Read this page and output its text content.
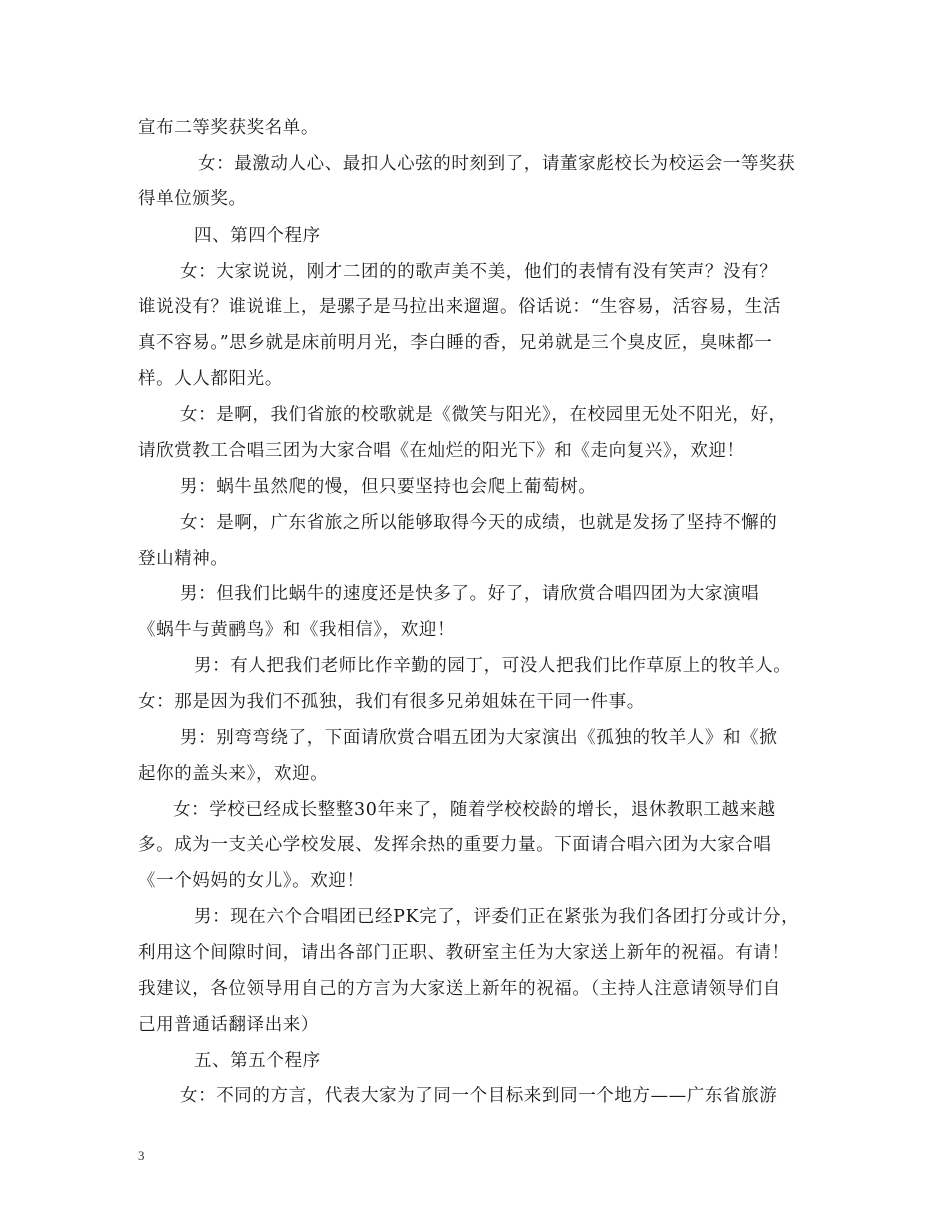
宣布二等奖获奖名单。
女：最激动人心、最扣人心弦的时刻到了，请董家彪校长为校运会一等奖获
得单位颁奖。
四、第四个程序
女：大家说说，刚才二团的的歌声美不美，他们的表情有没有笑声？没有？
谁说没有？谁说谁上，是骡子是马拉出来遛遛。俗话说：“生容易，活容易，生活
真不容易。”思乡就是床前明月光，李白睡的香，兄弟就是三个臭皮匠，臭味都一
样。人人都阳光。
女：是啊，我们省旅的校歌就是《微笑与阳光》，在校园里无处不阳光，好，
请欣赏教工合唱三团为大家合唱《在灿烂的阳光下》和《走向复兴》，欢迎！
男：蜗牛虽然爬的慢，但只要坚持也会爬上葡萄树。
女：是啊，广东省旅之所以能够取得今天的成绩，也就是发扬了坚持不懈的
登山精神。
男：但我们比蜗牛的速度还是快多了。好了，请欣赏合唱四团为大家演唱
《蜗牛与黄鹂鸟》和《我相信》，欢迎！
男：有人把我们老师比作辛勤的园丁，可没人把我们比作草原上的牧羊人。
女：那是因为我们不孤独，我们有很多兄弟姐妹在干同一件事。
男：别弯弯绕了，下面请欣赏合唱五团为大家演出《孤独的牧羊人》和《掀
起你的盖头来》，欢迎。
女：学校已经成长整整30年来了，随着学校校龄的增长，退休教职工越来越
多。成为一支关心学校发展、发挥余热的重要力量。下面请合唱六团为大家合唱
《一个妈妈的女儿》。欢迎！
男：现在六个合唱团已经PK完了，评委们正在紧张为我们各团打分或计分，
利用这个间隙时间，请出各部门正职、教研室主任为大家送上新年的祝福。有请！
我建议，各位领导用自己的方言为大家送上新年的祝福。（主持人注意请领导们自
己用普通话翻译出来）
五、第五个程序
女：不同的方言，代表大家为了同一个目标来到同一个地方——广东省旅游
3
